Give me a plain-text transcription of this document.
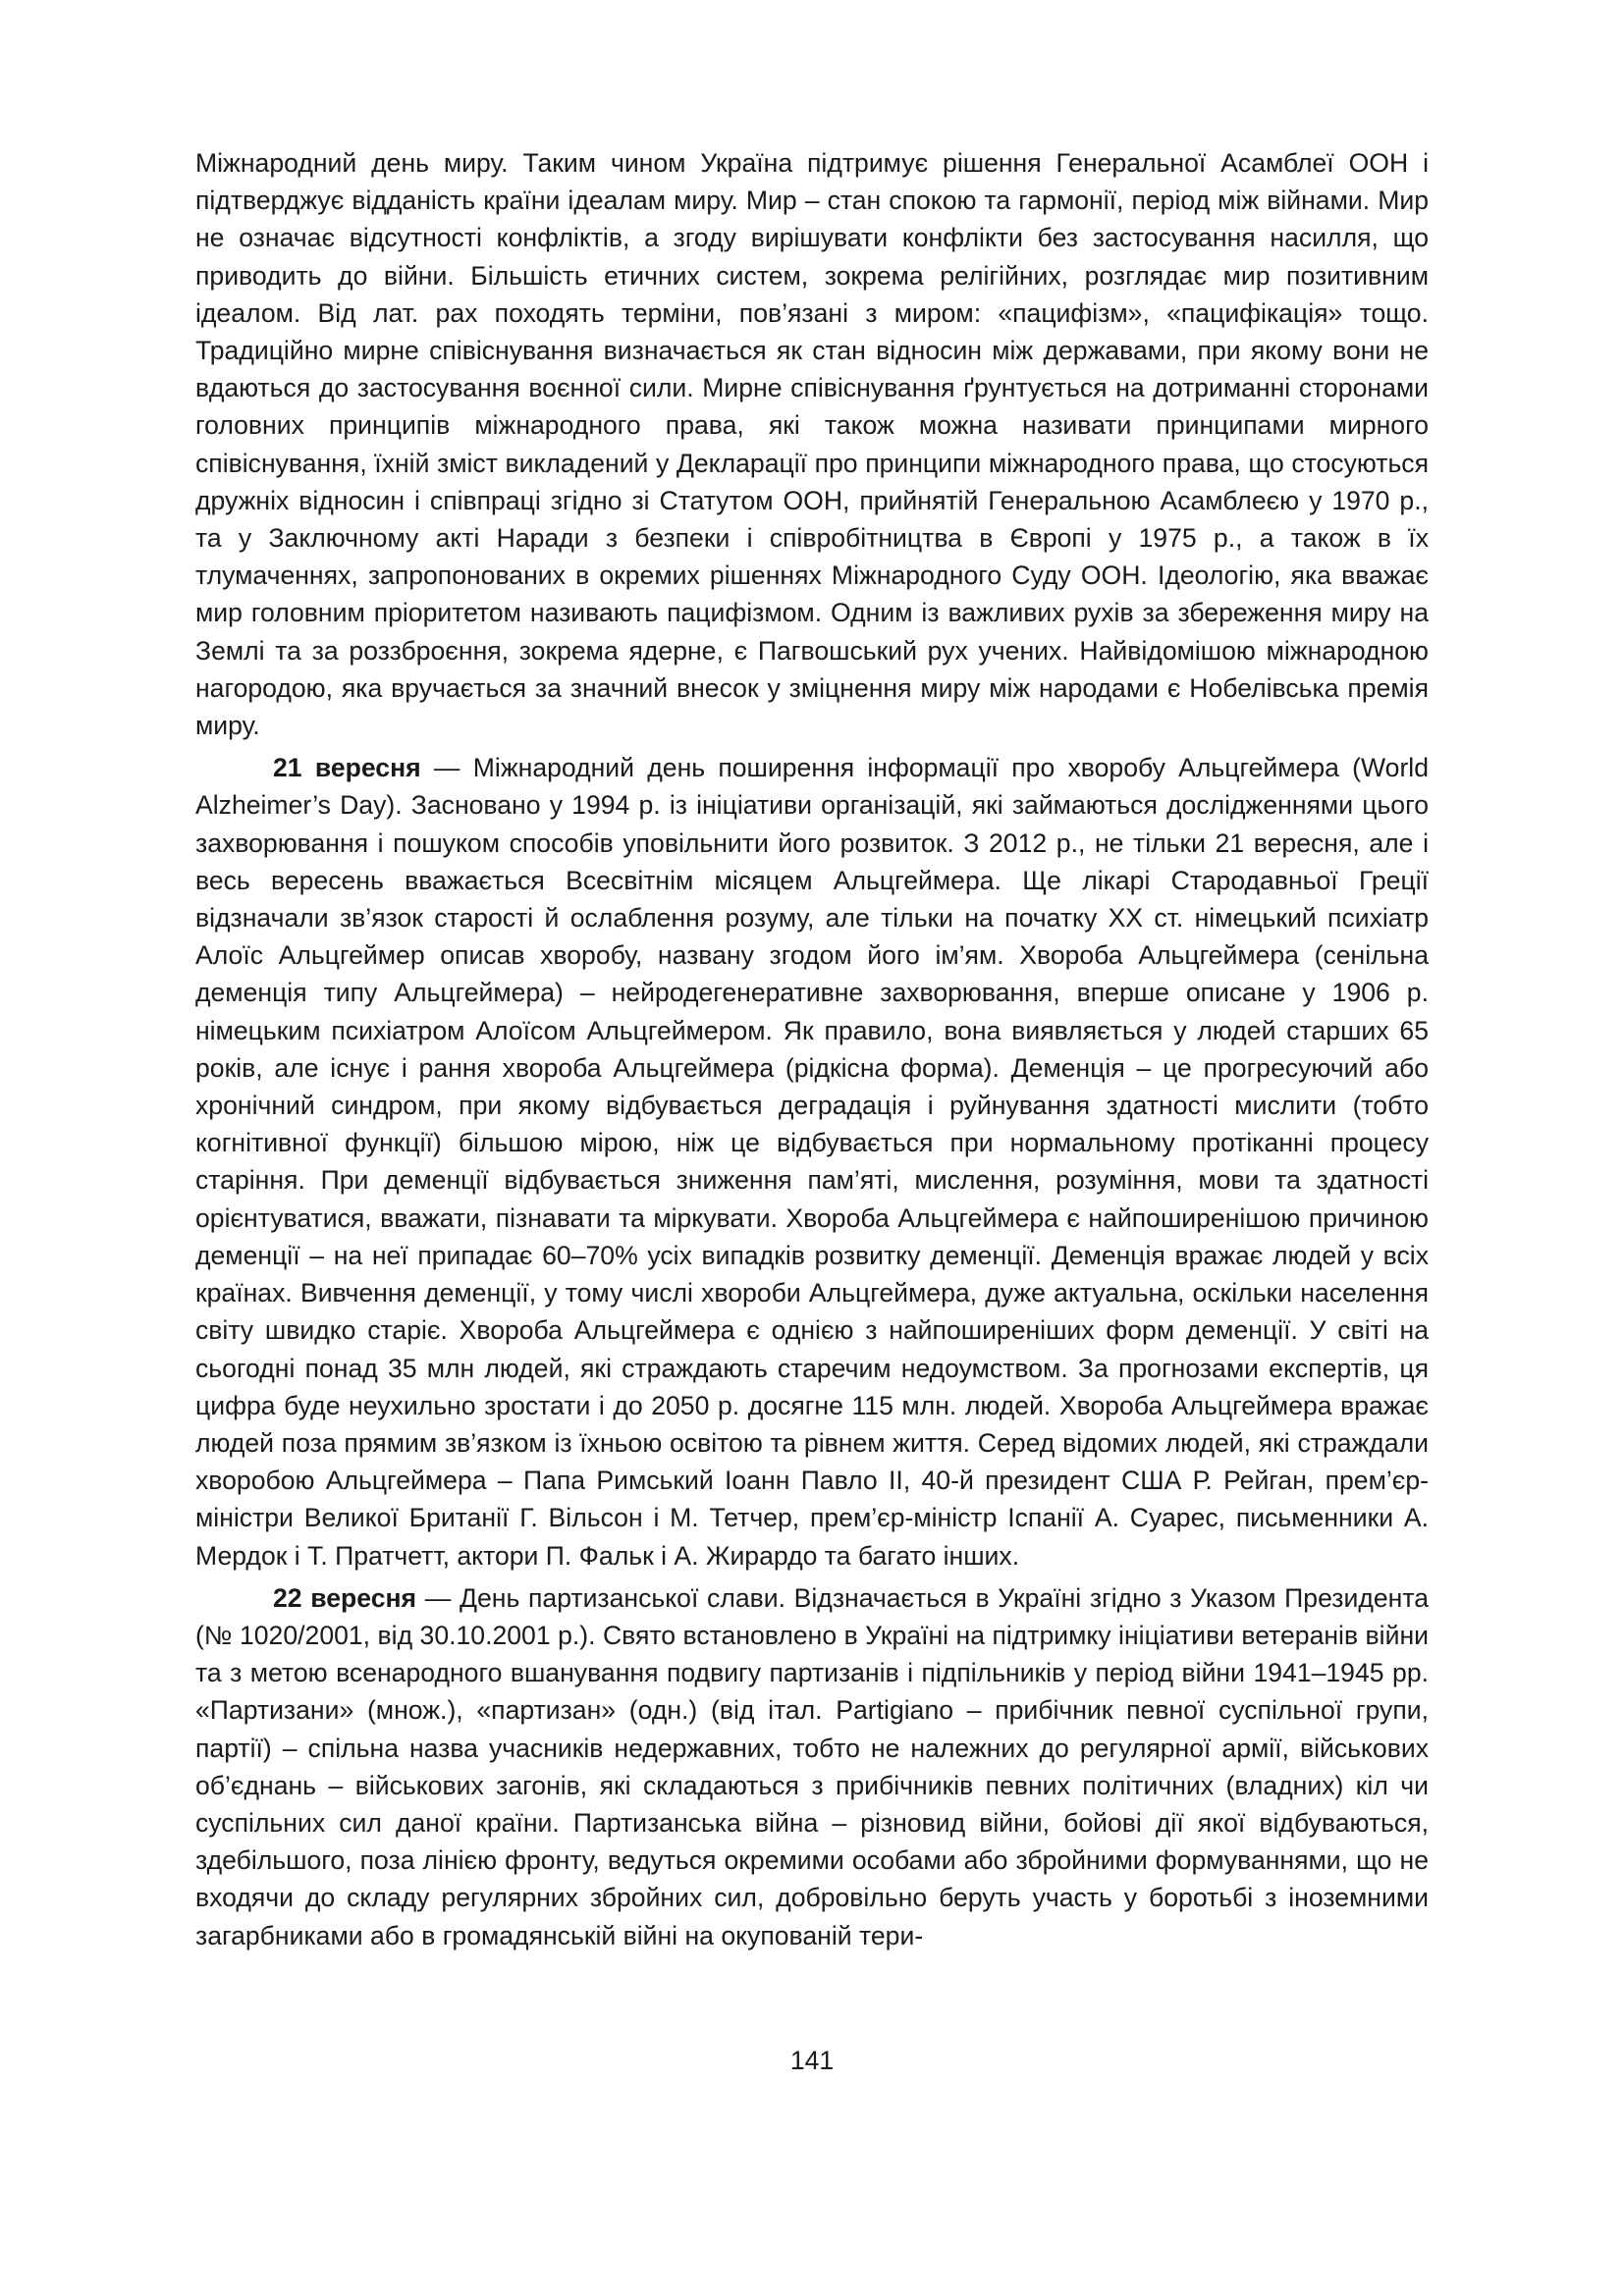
Міжнародний день миру. Таким чином Україна підтримує рішення Генеральної Асамблеї ООН і підтверджує відданість країни ідеалам миру. Мир – стан спокою та гармонії, період між війнами. Мир не означає відсутності конфліктів, а згоду вирішувати конфлікти без застосування насилля, що приводить до війни. Більшість етичних систем, зокрема релігійних, розглядає мир позитивним ідеалом. Від лат. pax походять терміни, пов’язані з миром: «пацифізм», «пацифікація» тощо. Традиційно мирне співіснування визначається як стан відносин між державами, при якому вони не вдаються до застосування воєнної сили. Мирне співіснування ґрунтується на дотриманні сторонами головних принципів міжнародного права, які також можна називати принципами мирного співіснування, їхній зміст викладений у Декларації про принципи міжнародного права, що стосуються дружніх відносин і співпраці згідно зі Статутом ООН, прийнятій Генеральною Асамблеєю у 1970 р., та у Заключному акті Наради з безпеки і співробітництва в Європі у 1975 р., а також в їх тлумаченнях, запропонованих в окремих рішеннях Міжнародного Суду ООН. Ідеологію, яка вважає мир головним пріоритетом називають пацифізмом. Одним із важливих рухів за збереження миру на Землі та за роззброєння, зокрема ядерне, є Пагвошський рух учених. Найвідомішою міжнародною нагородою, яка вручається за значний внесок у зміцнення миру між народами є Нобелівська премія миру.

21 вересня — Міжнародний день поширення інформації про хворобу Альцгеймера (World Alzheimer’s Day). Засновано у 1994 р. із ініціативи організацій, які займаються дослідженнями цього захворювання і пошуком способів уповільнити його розвиток. З 2012 р., не тільки 21 вересня, але і весь вересень вважається Всесвітнім місяцем Альцгеймера. Ще лікарі Стародавньої Греції відзначали зв’язок старості й ослаблення розуму, але тільки на початку XX ст. німецький психіатр Алоїс Альцгеймер описав хворобу, названу згодом його ім’ям. Хвороба Альцгеймера (сенільна деменція типу Альцгеймера) – нейродегенеративне захворювання, вперше описане у 1906 р. німецьким психіатром Алоїсом Альцгеймером. Як правило, вона виявляється у людей старших 65 років, але існує і рання хвороба Альцгеймера (рідкісна форма). Деменція – це прогресуючий або хронічний синдром, при якому відбувається деградація і руйнування здатності мислити (тобто когнітивної функції) більшою мірою, ніж це відбувається при нормальному протіканні процесу старіння. При деменції відбувається зниження пам’яті, мислення, розуміння, мови та здатності орієнтуватися, вважати, пізнавати та міркувати. Хвороба Альцгеймера є найпоширенішою причиною деменції – на неї припадає 60–70% усіх випадків розвитку деменції. Деменція вражає людей у всіх країнах. Вивчення деменції, у тому числі хвороби Альцгеймера, дуже актуальна, оскільки населення світу швидко старіє. Хвороба Альцгеймера є однією з найпоширеніших форм деменції. У світі на сьогодні понад 35 млн людей, які страждають старечим недоумством. За прогнозами експертів, ця цифра буде неухильно зростати і до 2050 р. досягне 115 млн. людей. Хвороба Альцгеймера вражає людей поза прямим зв’язком із їхньою освітою та рівнем життя. Серед відомих людей, які страждали хворобою Альцгеймера – Папа Римський Іоанн Павло II, 40-й президент США Р. Рейган, прем’єр-міністри Великої Британії Г. Вільсон і М. Тетчер, прем’єр-міністр Іспанії А. Суарес, письменники А. Мердок і Т. Пратчетт, актори П. Фальк і А. Жирардо та багато інших.

22 вересня — День партизанської слави. Відзначається в Україні згідно з Указом Президента (№ 1020/2001, від 30.10.2001 р.). Свято встановлено в Україні на підтримку ініціативи ветеранів війни та з метою всенародного вшанування подвигу партизанів і підпільників у період війни 1941–1945 рр. «Партизани» (множ.), «партизан» (одн.) (від італ. Partigiano – прибічник певної суспільної групи, партії) – спільна назва учасників недержавних, тобто не належних до регулярної армії, військових об’єднань – військових загонів, які складаються з прибічників певних політичних (владних) кіл чи суспільних сил даної країни. Партизанська війна – різновид війни, бойові дії якої відбуваються, здебільшого, поза лінією фронту, ведуться окремими особами або збройними формуваннями, що не входячи до складу регулярних збройних сил, добровільно беруть участь у боротьбі з іноземними загарбниками або в громадянській війні на окупованій тери-

141
